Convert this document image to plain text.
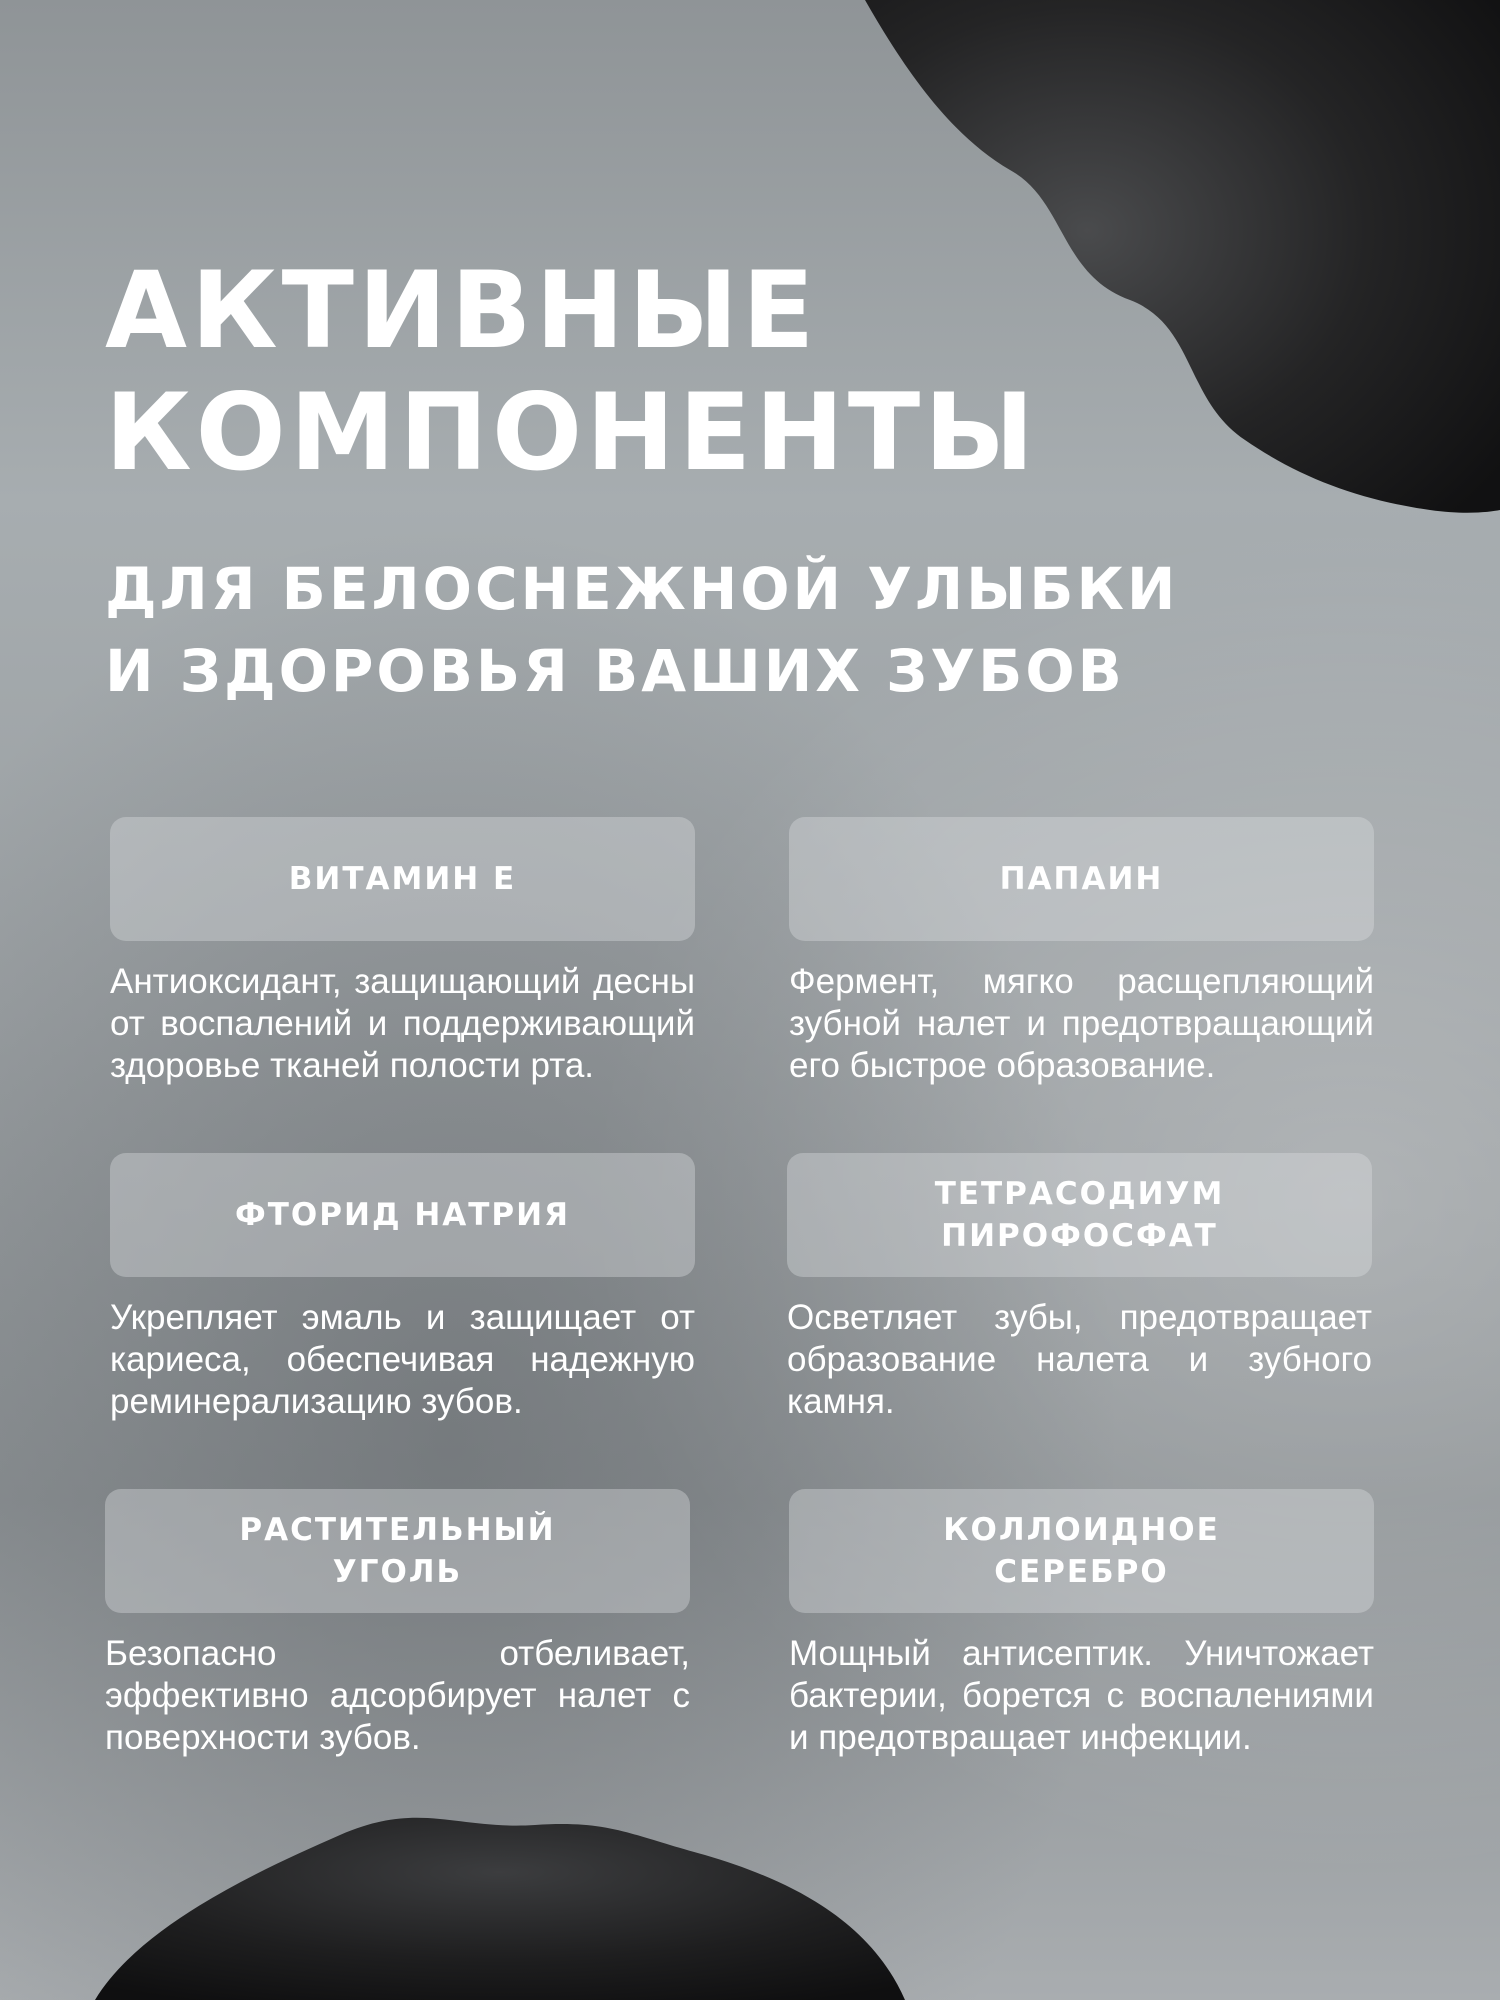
АКТИВНЫЕ
КОМПОНЕНТЫ
ДЛЯ БЕЛОСНЕЖНОЙ УЛЫБКИ
И ЗДОРОВЬЯ ВАШИХ ЗУБОВ
ВИТАМИН Е

Антиоксидант, защищающий десны от воспалений и поддерживающий здоровье тканей полости рта.

ПАПАИН

Фермент, мягко расщепляющий зубной налет и предотвращающий его быстрое образование.

ФТОРИД НАТРИЯ

Укрепляет эмаль и защищает от кариеса, обеспечивая надежную реминерализацию зубов.

ТЕТРАСОДИУМ
ПИРОФОСФАТ

Осветляет зубы, предотвращает образование налета и зубного камня.

РАСТИТЕЛЬНЫЙ
УГОЛЬ

Безопасно отбеливает, эффективно адсорбирует налет с поверхности зубов.

КОЛЛОИДНОЕ
СЕРЕБРО

Мощный антисептик. Уничтожает бактерии, борется с воспалениями и предотвращает инфекции.
